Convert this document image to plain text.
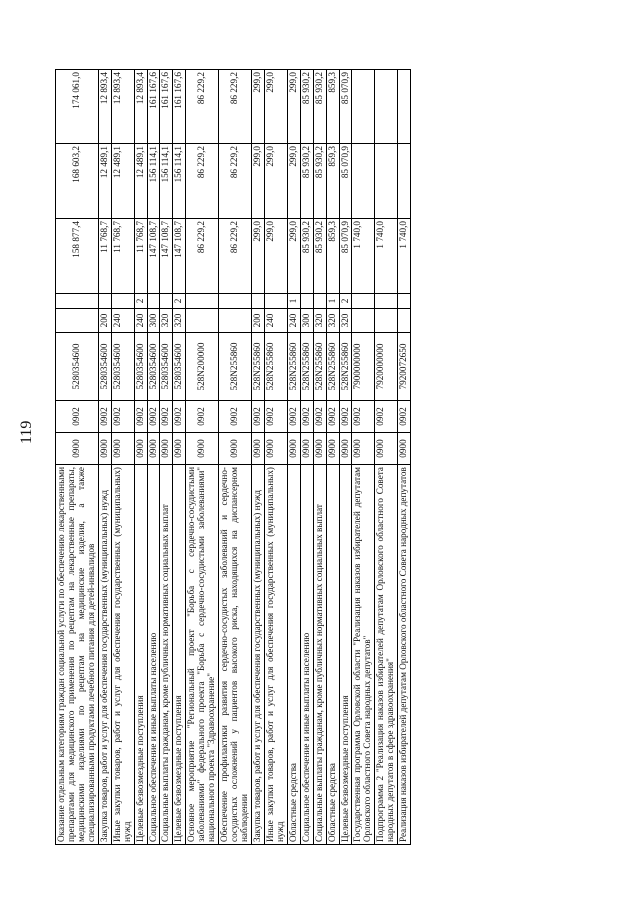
119
Оказание отдельным категориям граждан социальной услуги по обеспечению лекарственными препаратами для медицинского применения по рецептам на лекарственные препараты, медицинскими изделиями по рецептам на медицинские изделия, а также специализированными продуктами лечебного питания для детей-инвалидов	0900	0902	5280354600			158 877,4	168 603,2	174 061,0
Закупка товаров, работ и услуг для обеспечения государственных (муниципальных) нужд	0900	0902	5280354600	200		11 768,7	12 489,1	12 893,4
Иные закупки товаров, работ и услуг для обеспечения государственных (муниципальных) нужд	0900	0902	5280354600	240		11 768,7	12 489,1	12 893,4
Целевые безвозмездные поступления	0900	0902	5280354600	240	2	11 768,7	12 489,1	12 893,4
Социальное обеспечение и иные выплаты населению	0900	0902	5280354600	300		147 108,7	156 114,1	161 167,6
Социальные выплаты гражданам, кроме публичных нормативных социальных выплат	0900	0902	5280354600	320		147 108,7	156 114,1	161 167,6
Целевые безвозмездные поступления	0900	0902	5280354600	320	2	147 108,7	156 114,1	161 167,6
Основное мероприятие "Региональный проект "Борьба с сердечно-сосудистыми заболеваниями" федерального проекта "Борьба с сердечно-сосудистыми заболеваниями" национального проекта "Здравоохранение"	0900	0902	528N200000			86 229,2	86 229,2	86 229,2
Обеспечение профилактики развития сердечно-сосудистых заболеваний и сердечно-сосудистых осложнений у пациентов высокого риска, находящихся на диспансерном наблюдении	0900	0902	528N255860			86 229,2	86 229,2	86 229,2
Закупка товаров, работ и услуг для обеспечения государственных (муниципальных) нужд	0900	0902	528N255860	200		299,0	299,0	299,0
Иные закупки товаров, работ и услуг для обеспечения государственных (муниципальных) нужд	0900	0902	528N255860	240		299,0	299,0	299,0
Областные средства	0900	0902	528N255860	240	1	299,0	299,0	299,0
Социальное обеспечение и иные выплаты населению	0900	0902	528N255860	300		85 930,2	85 930,2	85 930,2
Социальные выплаты гражданам, кроме публичных нормативных социальных выплат	0900	0902	528N255860	320		85 930,2	85 930,2	85 930,2
Областные средства	0900	0902	528N255860	320	1	859,3	859,3	859,3
Целевые безвозмездные поступления	0900	0902	528N255860	320	2	85 070,9	85 070,9	85 070,9
Государственная программа Орловской области "Реализация наказов избирателей депутатам Орловского областного Совета народных депутатов"	0900	0902	7900000000			1 740,0		
Подпрограмма 2 "Реализация наказов избирателей депутатам Орловского областного Совета народных депутатов в сфере здравоохранения"	0900	0902	7920000000			1 740,0		
Реализация наказов избирателей депутатам Орловского областного Совета народных депутатов	0900	0902	7920072650			1 740,0		
